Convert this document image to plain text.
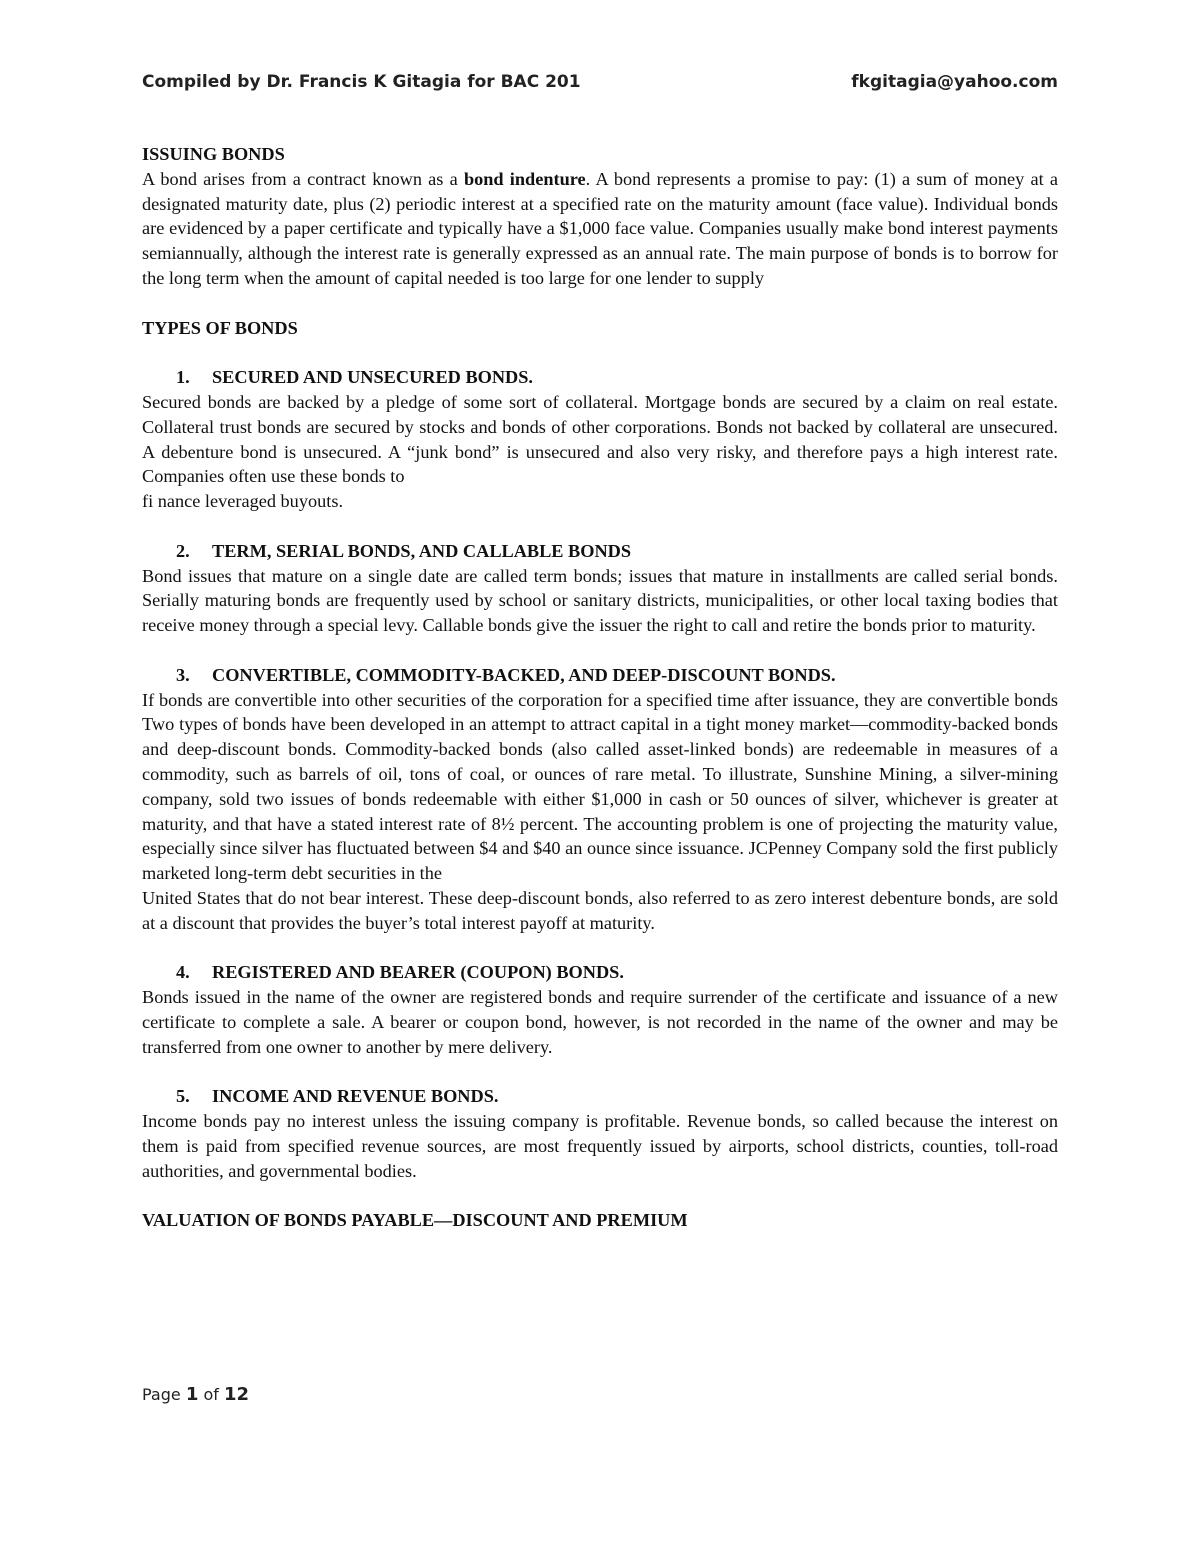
Compiled by Dr. Francis K Gitagia for BAC 201	fkgitagia@yahoo.com

ISSUING BONDS

A bond arises from a contract known as a bond indenture. A bond represents a promise to pay: (1) a sum of money at a designated maturity date, plus (2) periodic interest at a specified rate on the maturity amount (face value). Individual bonds are evidenced by a paper certificate and typically have a $1,000 face value. Companies usually make bond interest payments semiannually, although the interest rate is generally expressed as an annual rate. The main purpose of bonds is to borrow for the long term when the amount of capital needed is too large for one lender to supply

TYPES OF BONDS

1. SECURED AND UNSECURED BONDS.

Secured bonds are backed by a pledge of some sort of collateral. Mortgage bonds are secured by a claim on real estate. Collateral trust bonds are secured by stocks and bonds of other corporations. Bonds not backed by collateral are unsecured. A debenture bond is unsecured. A “junk bond” is unsecured and also very risky, and therefore pays a high interest rate. Companies often use these bonds to

fi nance leveraged buyouts.

2. TERM, SERIAL BONDS, AND CALLABLE BONDS

Bond issues that mature on a single date are called term bonds; issues that mature in installments are called serial bonds. Serially maturing bonds are frequently used by school or sanitary districts, municipalities, or other local taxing bodies that receive money through a special levy. Callable bonds give the issuer the right to call and retire the bonds prior to maturity.

3. CONVERTIBLE, COMMODITY-BACKED, AND DEEP-DISCOUNT BONDS.

If bonds are convertible into other securities of the corporation for a specified time after issuance, they are convertible bonds Two types of bonds have been developed in an attempt to attract capital in a tight money market—commodity-backed bonds and deep-discount bonds. Commodity-backed bonds (also called asset-linked bonds) are redeemable in measures of a commodity, such as barrels of oil, tons of coal, or ounces of rare metal. To illustrate, Sunshine Mining, a silver-mining company, sold two issues of bonds redeemable with either $1,000 in cash or 50 ounces of silver, whichever is greater at maturity, and that have a stated interest rate of 8½ percent. The accounting problem is one of projecting the maturity value, especially since silver has fluctuated between $4 and $40 an ounce since issuance. JCPenney Company sold the first publicly marketed long-term debt securities in the

United States that do not bear interest. These deep-discount bonds, also referred to as zero interest debenture bonds, are sold at a discount that provides the buyer’s total interest payoff at maturity.

4. REGISTERED AND BEARER (COUPON) BONDS.

Bonds issued in the name of the owner are registered bonds and require surrender of the certificate and issuance of a new certificate to complete a sale. A bearer or coupon bond, however, is not recorded in the name of the owner and may be transferred from one owner to another by mere delivery.

5. INCOME AND REVENUE BONDS.

Income bonds pay no interest unless the issuing company is profitable. Revenue bonds, so called because the interest on them is paid from specified revenue sources, are most frequently issued by airports, school districts, counties, toll-road authorities, and governmental bodies.

VALUATION OF BONDS PAYABLE—DISCOUNT AND PREMIUM

Page 1 of 12
